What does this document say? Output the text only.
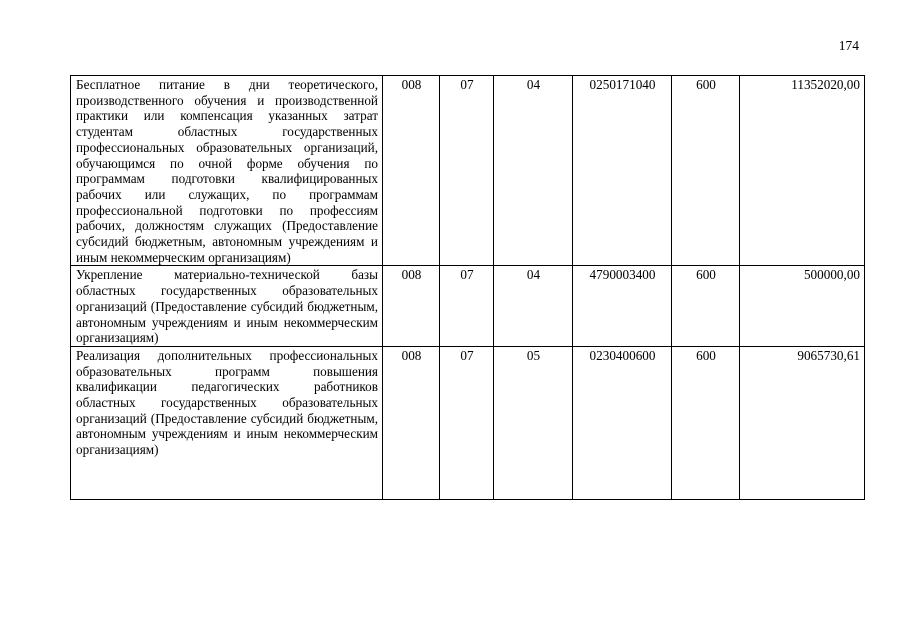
174
Бесплатное питание в дни теоретического, производственного обучения и производственной практики или компенсация указанных затрат студентам областных государственных профессиональных образовательных организаций, обучающимся по очной форме обучения по программам подготовки квалифицированных рабочих или служащих, по программам профессиональной подготовки по профессиям рабочих, должностям служащих (Предоставление субсидий бюджетным, автономным учреждениям и иным некоммерческим организациям)	008	07	04	0250171040	600	11352020,00
Укрепление материально-технической базы областных государственных образовательных организаций (Предоставление субсидий бюджетным, автономным учреждениям и иным некоммерческим организациям)	008	07	04	4790003400	600	500000,00
Реализация дополнительных профессиональных образовательных программ повышения квалификации педагогических работников областных государственных образовательных организаций (Предоставление субсидий бюджетным, автономным учреждениям и иным некоммерческим организациям)	008	07	05	0230400600	600	9065730,61
